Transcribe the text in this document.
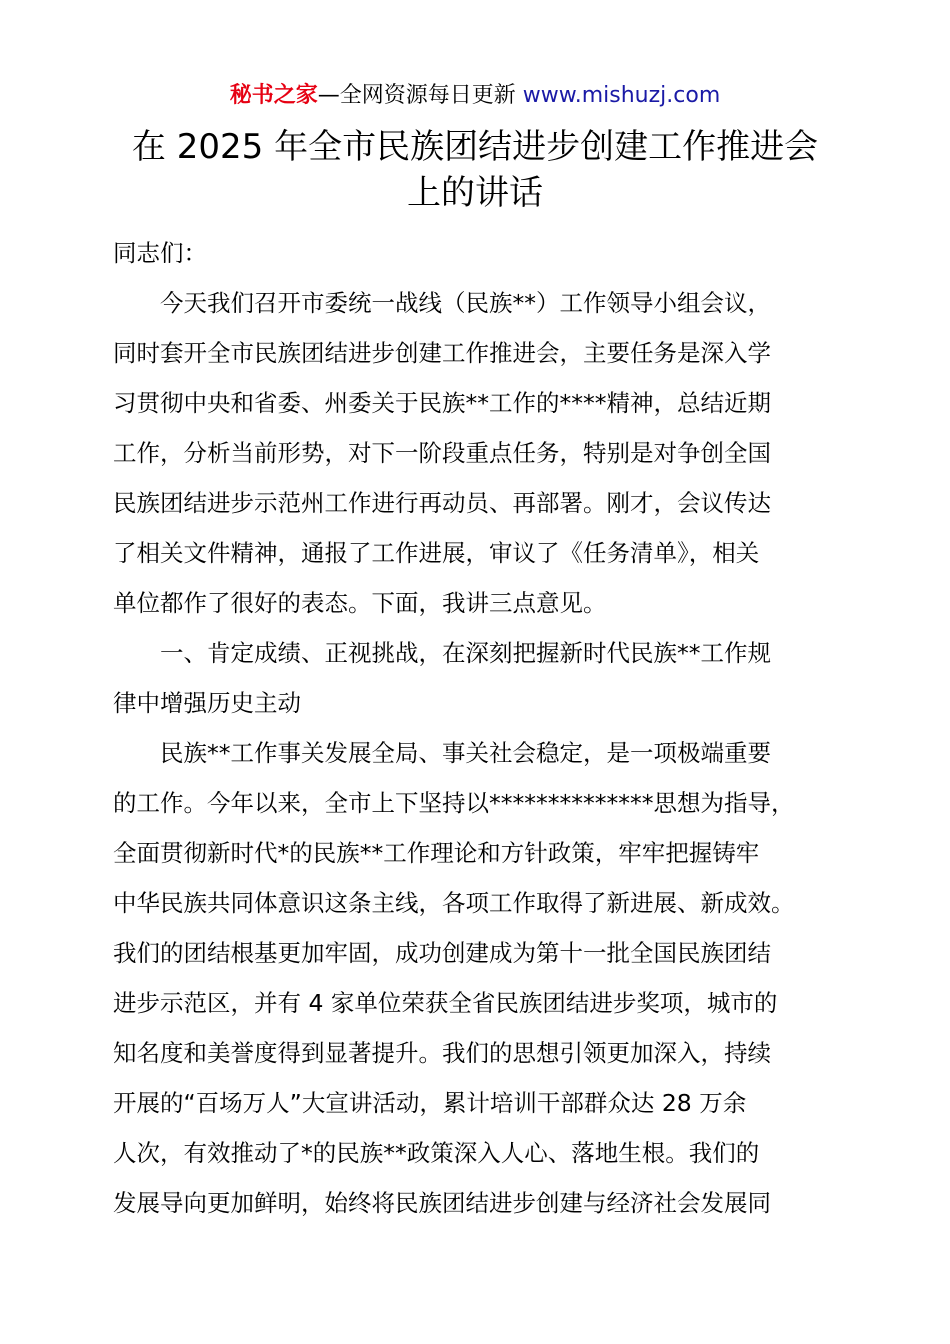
秘书之家—全网资源每日更新 www.mishuzj.com
在 2025 年全市民族团结进步创建工作推进会
上的讲话
同志们：
今天我们召开市委统一战线（民族**）工作领导小组会议，
同时套开全市民族团结进步创建工作推进会，主要任务是深入学
习贯彻中央和省委、州委关于民族**工作的****精神，总结近期
工作，分析当前形势，对下一阶段重点任务，特别是对争创全国
民族团结进步示范州工作进行再动员、再部署。刚才，会议传达
了相关文件精神，通报了工作进展，审议了《任务清单》，相关
单位都作了很好的表态。下面，我讲三点意见。
一、肯定成绩、正视挑战，在深刻把握新时代民族**工作规
律中增强历史主动
民族**工作事关发展全局、事关社会稳定，是一项极端重要
的工作。今年以来，全市上下坚持以**************思想为指导，
全面贯彻新时代*的民族**工作理论和方针政策，牢牢把握铸牢
中华民族共同体意识这条主线，各项工作取得了新进展、新成效。
我们的团结根基更加牢固，成功创建成为第十一批全国民族团结
进步示范区，并有 4 家单位荣获全省民族团结进步奖项，城市的
知名度和美誉度得到显著提升。我们的思想引领更加深入，持续
开展的“百场万人”大宣讲活动，累计培训干部群众达 28 万余
人次，有效推动了*的民族**政策深入人心、落地生根。我们的
发展导向更加鲜明，始终将民族团结进步创建与经济社会发展同
